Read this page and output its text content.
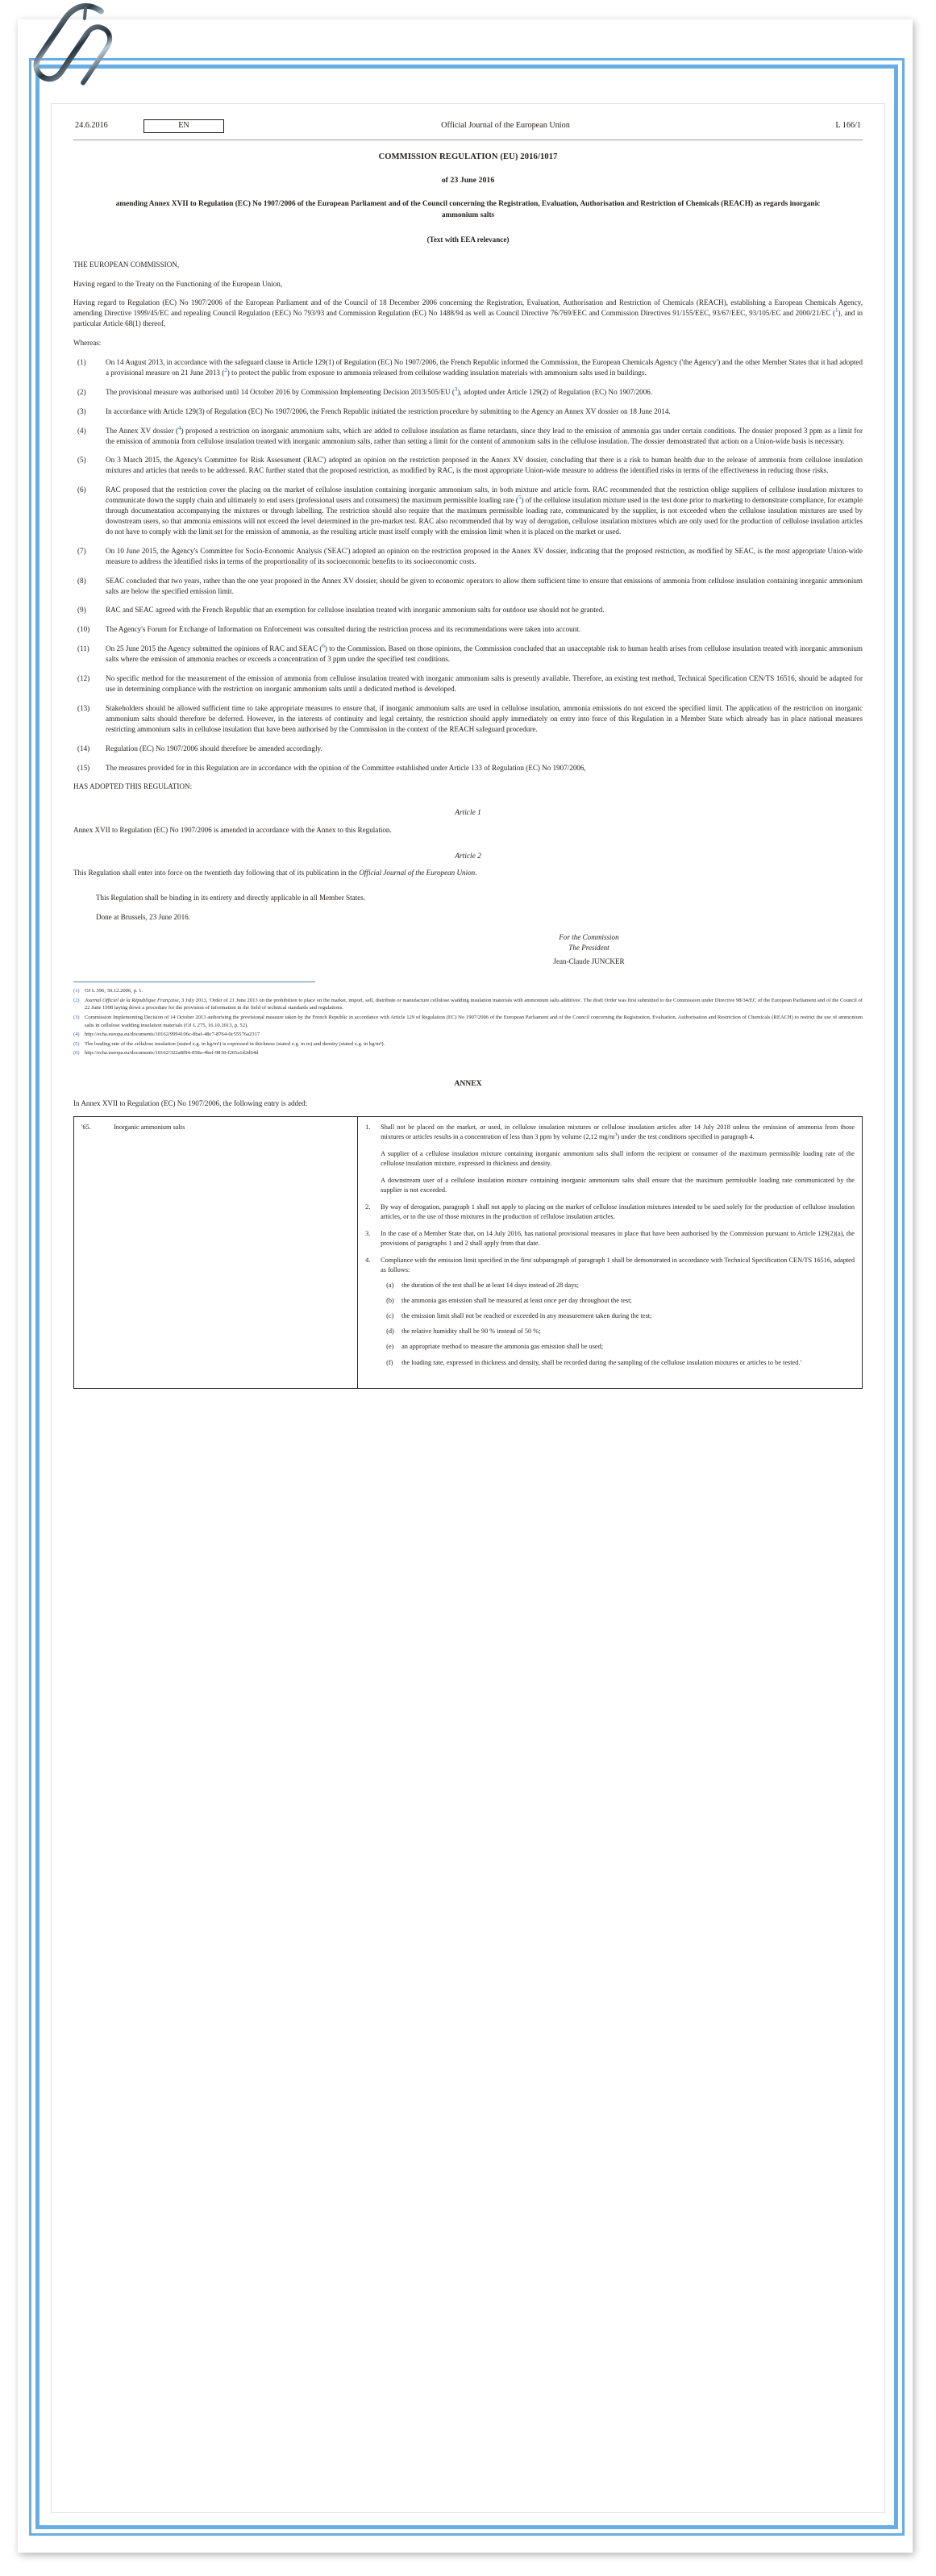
24.6.2016	EN	Official Journal of the European Union	L 166/1
COMMISSION REGULATION (EU) 2016/1017
of 23 June 2016
amending Annex XVII to Regulation (EC) No 1907/2006 of the European Parliament and of the Council concerning the Registration, Evaluation, Authorisation and Restriction of Chemicals (REACH) as regards inorganic ammonium salts
(Text with EEA relevance)
THE EUROPEAN COMMISSION,
Having regard to the Treaty on the Functioning of the European Union,
Having regard to Regulation (EC) No 1907/2006 of the European Parliament and of the Council of 18 December 2006 concerning the Registration, Evaluation, Authorisation and Restriction of Chemicals (REACH), establishing a European Chemicals Agency, amending Directive 1999/45/EC and repealing Council Regulation (EEC) No 793/93 and Commission Regulation (EC) No 1488/94 as well as Council Directive 76/769/EEC and Commission Directives 91/155/EEC, 93/67/EEC, 93/105/EC and 2000/21/EC ($^1$), and in particular Article 68(1) thereof,
Whereas:
(1)	On 14 August 2013, in accordance with the safeguard clause in Article 129(1) of Regulation (EC) No 1907/2006, the French Republic informed the Commission, the European Chemicals Agency ('the Agency') and the other Member States that it had adopted a provisional measure on 21 June 2013 ($^2$) to protect the public from exposure to ammonia released from cellulose wadding insulation materials with ammonium salts used in buildings.
(2)	The provisional measure was authorised until 14 October 2016 by Commission Implementing Decision 2013/505/EU ($^3$), adopted under Article 129(2) of Regulation (EC) No 1907/2006.
(3)	In accordance with Article 129(3) of Regulation (EC) No 1907/2006, the French Republic initiated the restriction procedure by submitting to the Agency an Annex XV dossier on 18 June 2014.
(4)	The Annex XV dossier ($^4$) proposed a restriction on inorganic ammonium salts, which are added to cellulose insulation as flame retardants, since they lead to the emission of ammonia gas under certain conditions. The dossier proposed 3 ppm as a limit for the emission of ammonia from cellulose insulation treated with inorganic ammonium salts, rather than setting a limit for the content of ammonium salts in the cellulose insulation. The dossier demonstrated that action on a Union-wide basis is necessary.
(5)	On 3 March 2015, the Agency's Committee for Risk Assessment ('RAC') adopted an opinion on the restriction proposed in the Annex XV dossier, concluding that there is a risk to human health due to the release of ammonia from cellulose insulation mixtures and articles that needs to be addressed. RAC further stated that the proposed restriction, as modified by RAC, is the most appropriate Union-wide measure to address the identified risks in terms of the effectiveness in reducing those risks.
(6)	RAC proposed that the restriction cover the placing on the market of cellulose insulation containing inorganic ammonium salts, in both mixture and article form. RAC recommended that the restriction oblige suppliers of cellulose insulation mixtures to communicate down the supply chain and ultimately to end users (professional users and consumers) the maximum permissible loading rate ($^5$) of the cellulose insulation mixture used in the test done prior to marketing to demonstrate compliance, for example through documentation accompanying the mixtures or through labelling. The restriction should also require that the maximum permissible loading rate, communicated by the supplier, is not exceeded when the cellulose insulation mixtures are used by downstream users, so that ammonia emissions will not exceed the level determined in the pre-market test. RAC also recommended that by way of derogation, cellulose insulation mixtures which are only used for the production of cellulose insulation articles do not have to comply with the limit set for the emission of ammonia, as the resulting article must itself comply with the emission limit when it is placed on the market or used.
(7)	On 10 June 2015, the Agency's Committee for Socio-Economic Analysis ('SEAC') adopted an opinion on the restriction proposed in the Annex XV dossier, indicating that the proposed restriction, as modified by SEAC, is the most appropriate Union-wide measure to address the identified risks in terms of the proportionality of its socioeconomic benefits to its socioeconomic costs.
(8)	SEAC concluded that two years, rather than the one year proposed in the Annex XV dossier, should be given to economic operators to allow them sufficient time to ensure that emissions of ammonia from cellulose insulation containing inorganic ammonium salts are below the specified emission limit.
(9)	RAC and SEAC agreed with the French Republic that an exemption for cellulose insulation treated with inorganic ammonium salts for outdoor use should not be granted.
(10)	The Agency's Forum for Exchange of Information on Enforcement was consulted during the restriction process and its recommendations were taken into account.
(11)	On 25 June 2015 the Agency submitted the opinions of RAC and SEAC ($^6$) to the Commission. Based on those opinions, the Commission concluded that an unacceptable risk to human health arises from cellulose insulation treated with inorganic ammonium salts where the emission of ammonia reaches or exceeds a concentration of 3 ppm under the specified test conditions.
(12)	No specific method for the measurement of the emission of ammonia from cellulose insulation treated with inorganic ammonium salts is presently available. Therefore, an existing test method, Technical Specification CEN/TS 16516, should be adapted for use in determining compliance with the restriction on inorganic ammonium salts until a dedicated method is developed.
(13)	Stakeholders should be allowed sufficient time to take appropriate measures to ensure that, if inorganic ammonium salts are used in cellulose insulation, ammonia emissions do not exceed the specified limit. The application of the restriction on inorganic ammonium salts should therefore be deferred. However, in the interests of continuity and legal certainty, the restriction should apply immediately on entry into force of this Regulation in a Member State which already has in place national measures restricting ammonium salts in cellulose insulation that have been authorised by the Commission in the context of the REACH safeguard procedure.
(14)	Regulation (EC) No 1907/2006 should therefore be amended accordingly.
(15)	The measures provided for in this Regulation are in accordance with the opinion of the Committee established under Article 133 of Regulation (EC) No 1907/2006,
HAS ADOPTED THIS REGULATION:
Article 1
Annex XVII to Regulation (EC) No 1907/2006 is amended in accordance with the Annex to this Regulation.
Article 2
This Regulation shall enter into force on the twentieth day following that of its publication in the Official Journal of the European Union.
This Regulation shall be binding in its entirety and directly applicable in all Member States.
Done at Brussels, 23 June 2016.
For the Commission
The President
Jean-Claude JUNCKER
(1) OJ L 396, 30.12.2006, p. 1.
(2) Journal Officiel de la République Française, 3 July 2013, 'Order of 21 June 2013 on the prohibition to place on the market, import, sell, distribute or manufacture cellulose wadding insulation materials with ammonium salts additives'. The draft Order was first submitted to the Commission under Directive 98/34/EC of the European Parliament and of the Council of 22 June 1998 laying down a procedure for the provision of information in the field of technical standards and regulations.
(3) Commission Implementing Decision of 14 October 2013 authorising the provisional measure taken by the French Republic in accordance with Article 129 of Regulation (EC) No 1907/2006 of the European Parliament and of the Council concerning the Registration, Evaluation, Authorisation and Restriction of Chemicals (REACH) to restrict the use of ammonium salts in cellulose wadding insulation materials (OJ L 275, 16.10.2013, p. 52).
(4) http://echa.europa.eu/documents/10162/9994106c-8baf-48c7-8764-0c55576a2317
(5) The loading rate of the cellulose insulation (stated e.g. in kg/m³) is expressed in thickness (stated e.g. in m) and density (stated e.g. in kg/m³).
(6) http://echa.europa.eu/documents/10162/322a8f94-058a-4bef-9818-f265a1d2d64d
ANNEX
In Annex XVII to Regulation (EC) No 1907/2006, the following entry is added:
'65.	Inorganic ammonium salts	1.	Shall not be placed on the market, or used, in cellulose insulation mixtures or cellulose insulation articles after 14 July 2018 unless the emission of ammonia from those mixtures or articles results in a concentration of less than 3 ppm by volume (2,12 $mg/m^3$) under the test conditions specified in paragraph 4.
A supplier of a cellulose insulation mixture containing inorganic ammonium salts shall inform the recipient or consumer of the maximum permissible loading rate of the cellulose insulation mixture, expressed in thickness and density.
A downstream user of a cellulose insulation mixture containing inorganic ammonium salts shall ensure that the maximum permissible loading rate communicated by the supplier is not exceeded.
2.	By way of derogation, paragraph 1 shall not apply to placing on the market of cellulose insulation mixtures intended to be used solely for the production of cellulose insulation articles, or to the use of those mixtures in the production of cellulose insulation articles.
3.	In the case of a Member State that, on 14 July 2016, has national provisional measures in place that have been authorised by the Commission pursuant to Article 129(2)(a), the provisions of paragraphs 1 and 2 shall apply from that date.
4.	Compliance with the emission limit specified in the first subparagraph of paragraph 1 shall be demonstrated in accordance with Technical Specification CEN/TS 16516, adapted as follows:
(a)	the duration of the test shall be at least 14 days instead of 28 days;
(b)	the ammonia gas emission shall be measured at least once per day throughout the test;
(c)	the emission limit shall not be reached or exceeded in any measurement taken during the test;
(d)	the relative humidity shall be 90 % instead of 50 %;
(e)	an appropriate method to measure the ammonia gas emission shall be used;
(f)	the loading rate, expressed in thickness and density, shall be recorded during the sampling of the cellulose insulation mixtures or articles to be tested.'
